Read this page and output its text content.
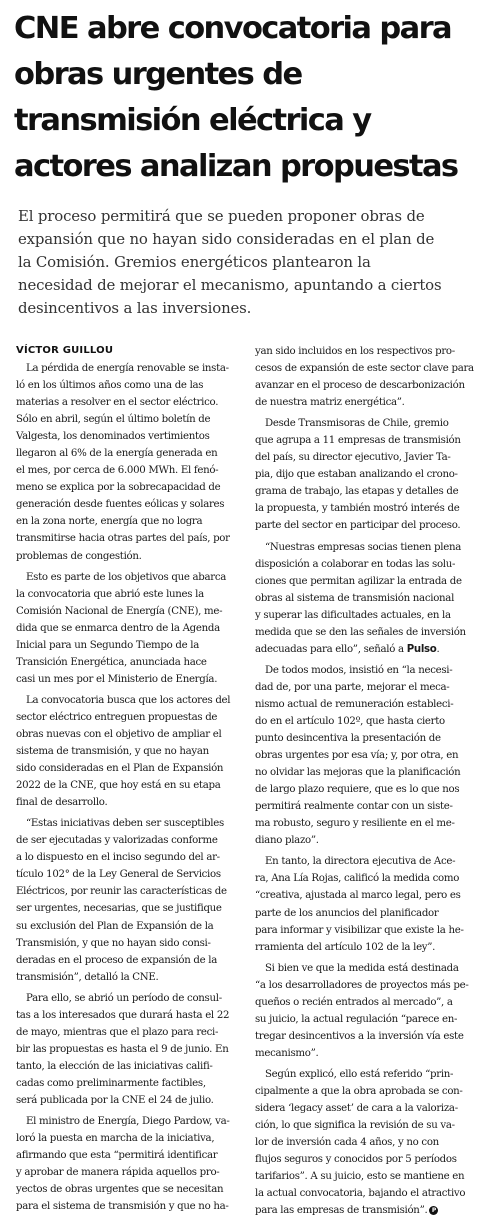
CNE abre convocatoria para
obras urgentes de
transmisión eléctrica y
actores analizan propuestas
El proceso permitirá que se pueden proponer obras de
expansión que no hayan sido consideradas en el plan de
la Comisión. Gremios energéticos plantearon la
necesidad de mejorar el mecanismo, apuntando a ciertos
desincentivos a las inversiones.
VÍCTOR GUILLOU
La pérdida de energía renovable se insta-
ló en los últimos años como una de las
materias a resolver en el sector eléctrico.
Sólo en abril, según el último boletín de
Valgesta, los denominados vertimientos
llegaron al 6% de la energía generada en
el mes, por cerca de 6.000 MWh. El fenó-
meno se explica por la sobrecapacidad de
generación desde fuentes eólicas y solares
en la zona norte, energía que no logra
transmitirse hacia otras partes del país, por
problemas de congestión.
Esto es parte de los objetivos que abarca
la convocatoria que abrió este lunes la
Comisión Nacional de Energía (CNE), me-
dida que se enmarca dentro de la Agenda
Inicial para un Segundo Tiempo de la
Transición Energética, anunciada hace
casi un mes por el Ministerio de Energía.
La convocatoria busca que los actores del
sector eléctrico entreguen propuestas de
obras nuevas con el objetivo de ampliar el
sistema de transmisión, y que no hayan
sido consideradas en el Plan de Expansión
2022 de la CNE, que hoy está en su etapa
final de desarrollo.
“Estas iniciativas deben ser susceptibles
de ser ejecutadas y valorizadas conforme
a lo dispuesto en el inciso segundo del ar-
tículo 102° de la Ley General de Servicios
Eléctricos, por reunir las características de
ser urgentes, necesarias, que se justifique
su exclusión del Plan de Expansión de la
Transmisión, y que no hayan sido consi-
deradas en el proceso de expansión de la
transmisión”, detalló la CNE.
Para ello, se abrió un período de consul-
tas a los interesados que durará hasta el 22
de mayo, mientras que el plazo para reci-
bir las propuestas es hasta el 9 de junio. En
tanto, la elección de las iniciativas califi-
cadas como preliminarmente factibles,
será publicada por la CNE el 24 de julio.
El ministro de Energía, Diego Pardow, va-
loró la puesta en marcha de la iniciativa,
afirmando que esta “permitirá identificar
y aprobar de manera rápida aquellos pro-
yectos de obras urgentes que se necesitan
para el sistema de transmisión y que no ha-
yan sido incluidos en los respectivos pro-
cesos de expansión de este sector clave para
avanzar en el proceso de descarbonización
de nuestra matriz energética”.
Desde Transmisoras de Chile, gremio
que agrupa a 11 empresas de transmisión
del país, su director ejecutivo, Javier Ta-
pia, dijo que estaban analizando el crono-
grama de trabajo, las etapas y detalles de
la propuesta, y también mostró interés de
parte del sector en participar del proceso.
“Nuestras empresas socias tienen plena
disposición a colaborar en todas las solu-
ciones que permitan agilizar la entrada de
obras al sistema de transmisión nacional
y superar las dificultades actuales, en la
medida que se den las señales de inversión
adecuadas para ello”, señaló a Pulso.
De todos modos, insistió en “la necesi-
dad de, por una parte, mejorar el meca-
nismo actual de remuneración estableci-
do en el artículo 102º, que hasta cierto
punto desincentiva la presentación de
obras urgentes por esa vía; y, por otra, en
no olvidar las mejoras que la planificación
de largo plazo requiere, que es lo que nos
permitirá realmente contar con un siste-
ma robusto, seguro y resiliente en el me-
diano plazo”.
En tanto, la directora ejecutiva de Ace-
ra, Ana Lía Rojas, calificó la medida como
“creativa, ajustada al marco legal, pero es
parte de los anuncios del planificador
para informar y visibilizar que existe la he-
rramienta del artículo 102 de la ley”.
Si bien ve que la medida está destinada
“a los desarrolladores de proyectos más pe-
queños o recién entrados al mercado”, a
su juicio, la actual regulación “parece en-
tregar desincentivos a la inversión vía este
mecanismo”.
Según explicó, ello está referido “prin-
cipalmente a que la obra aprobada se con-
sidera ‘legacy asset’ de cara a la valoriza-
ción, lo que significa la revisión de su va-
lor de inversión cada 4 años, y no con
flujos seguros y conocidos por 5 períodos
tarifarios”. A su juicio, esto se mantiene en
la actual convocatoria, bajando el atractivo
para las empresas de transmisión”. P
